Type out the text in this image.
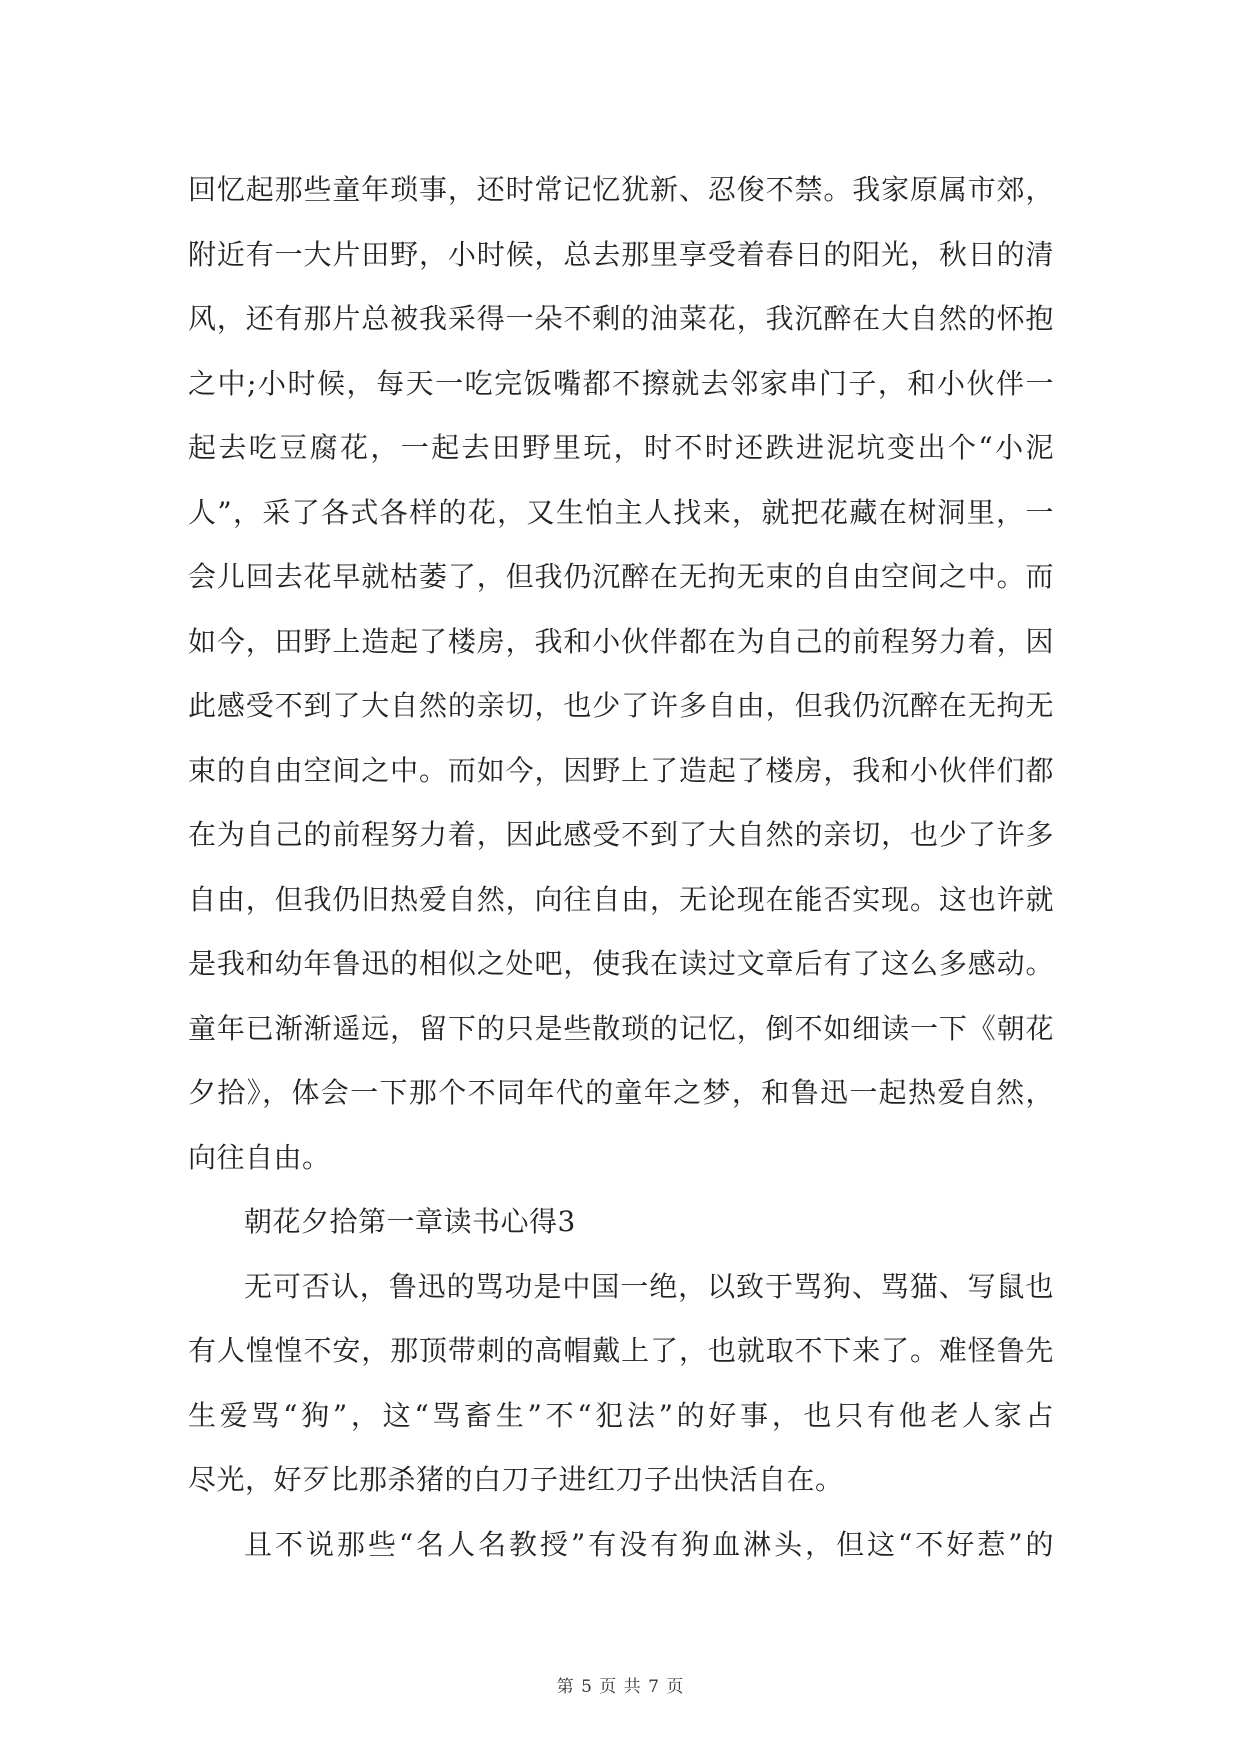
回忆起那些童年琐事，还时常记忆犹新、忍俊不禁。我家原属市郊，
附近有一大片田野，小时候，总去那里享受着春日的阳光，秋日的清
风，还有那片总被我采得一朵不剩的油菜花，我沉醉在大自然的怀抱
之中;小时候，每天一吃完饭嘴都不擦就去邻家串门子，和小伙伴一
起去吃豆腐花，一起去田野里玩，时不时还跌进泥坑变出个“小泥
人”，采了各式各样的花，又生怕主人找来，就把花藏在树洞里，一
会儿回去花早就枯萎了，但我仍沉醉在无拘无束的自由空间之中。而
如今，田野上造起了楼房，我和小伙伴都在为自己的前程努力着，因
此感受不到了大自然的亲切，也少了许多自由，但我仍沉醉在无拘无
束的自由空间之中。而如今，因野上了造起了楼房，我和小伙伴们都
在为自己的前程努力着，因此感受不到了大自然的亲切，也少了许多
自由，但我仍旧热爱自然，向往自由，无论现在能否实现。这也许就
是我和幼年鲁迅的相似之处吧，使我在读过文章后有了这么多感动。
童年已渐渐遥远，留下的只是些散琐的记忆，倒不如细读一下《朝花
夕拾》，体会一下那个不同年代的童年之梦，和鲁迅一起热爱自然，
向往自由。
朝花夕拾第一章读书心得3
无可否认，鲁迅的骂功是中国一绝，以致于骂狗、骂猫、写鼠也
有人惶惶不安，那顶带刺的高帽戴上了，也就取不下来了。难怪鲁先
生爱骂“狗”，这“骂畜生”不“犯法”的好事，也只有他老人家占
尽光，好歹比那杀猪的白刀子进红刀子出快活自在。
且不说那些“名人名教授”有没有狗血淋头，但这“不好惹”的
第 5 页 共 7 页
